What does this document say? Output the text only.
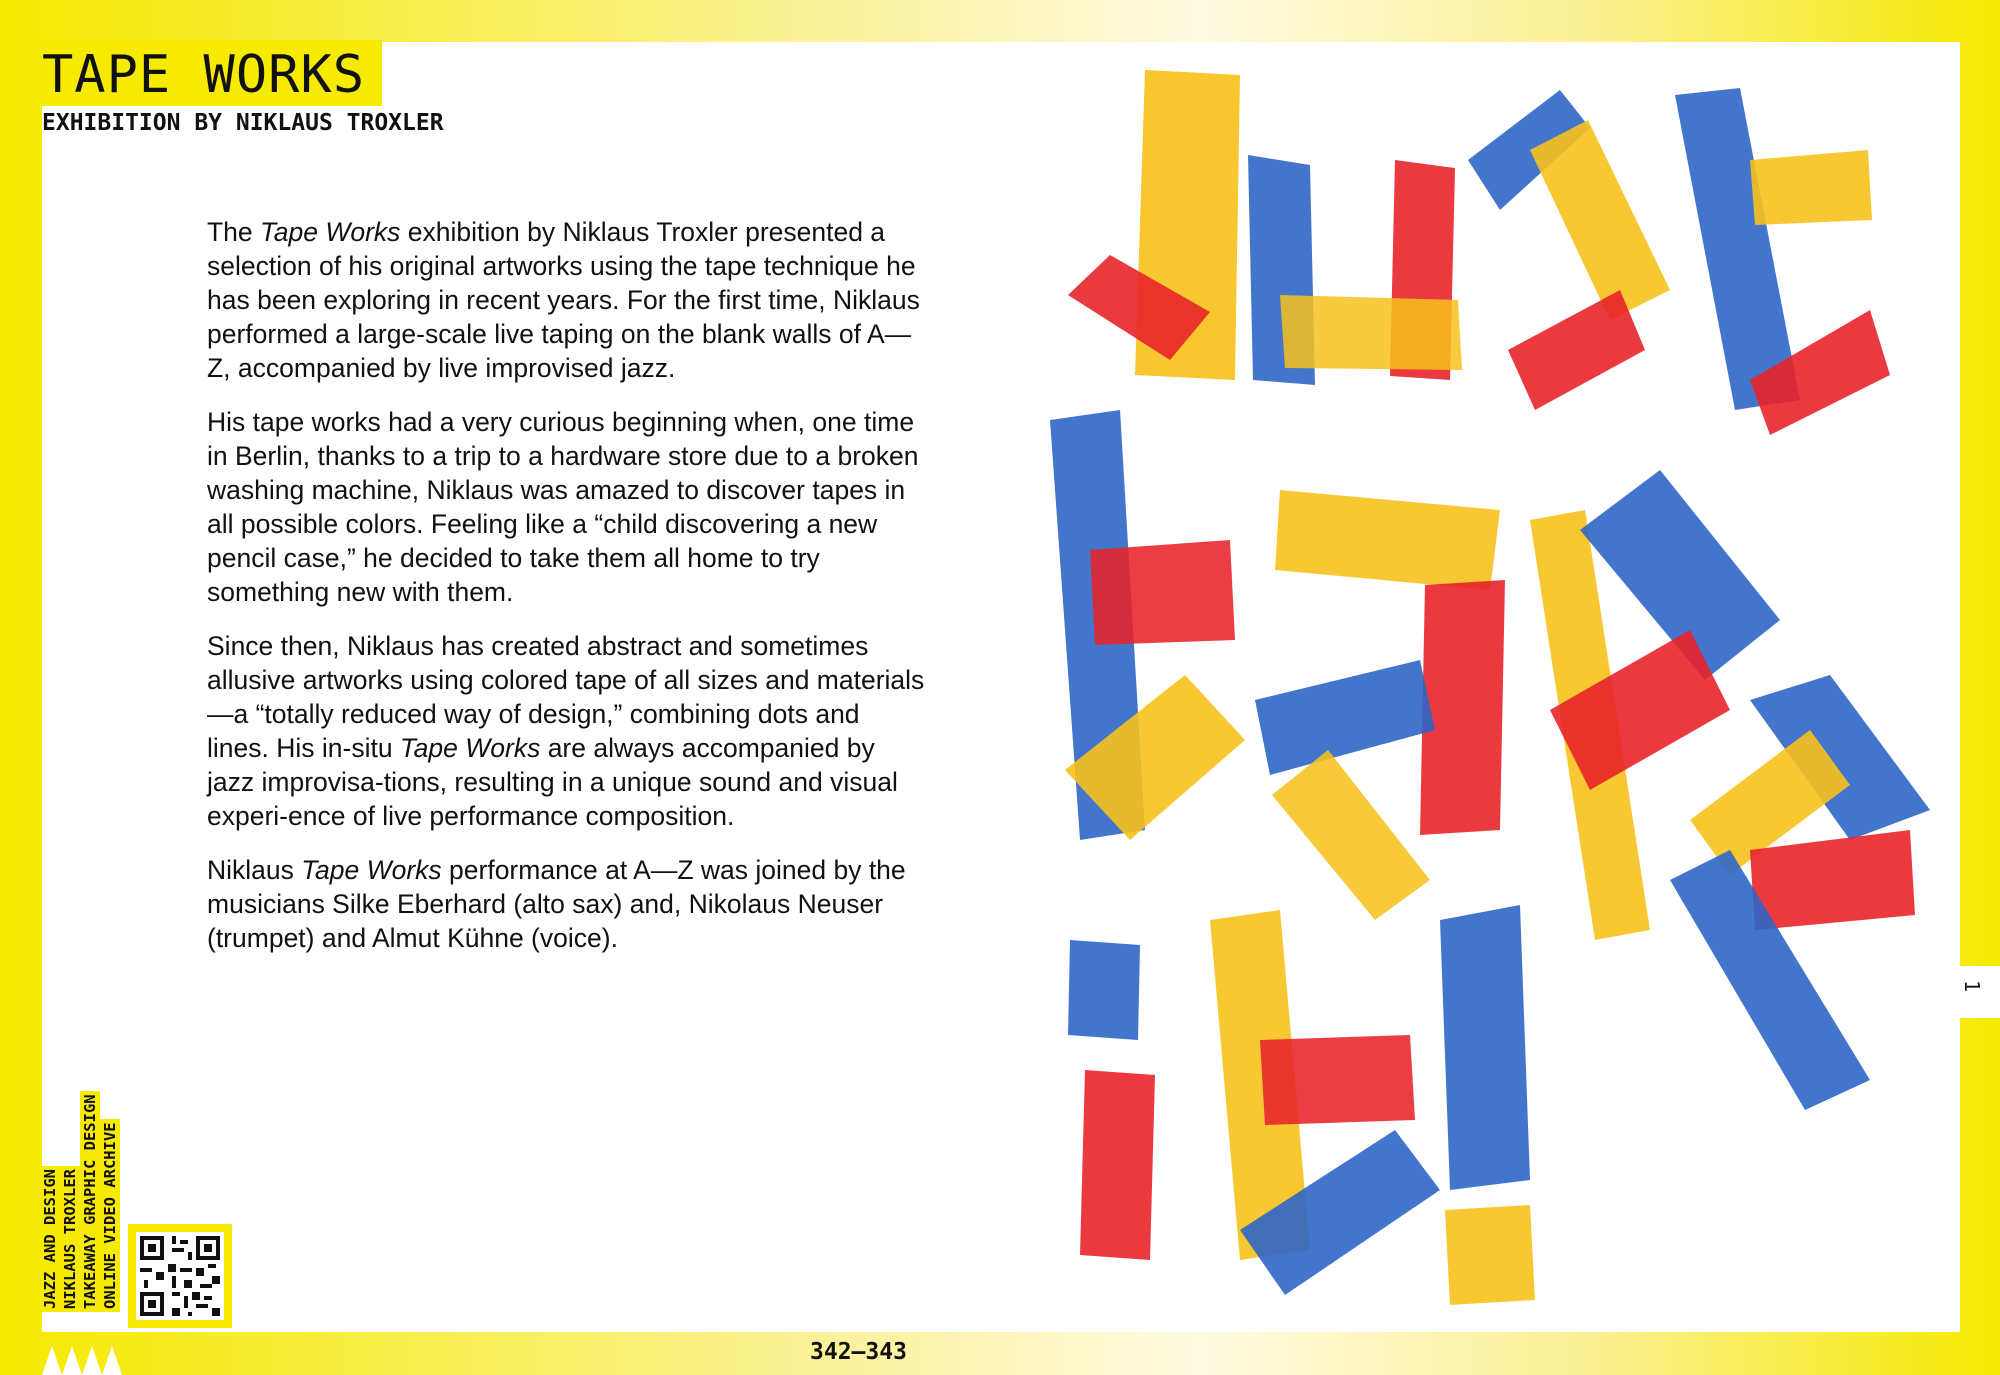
TAPE WORKS

EXHIBITION BY NIKLAUS TROXLER

The Tape Works exhibition by Niklaus Troxler presented a selection of his original artworks using the tape technique he has been exploring in recent years. For the first time, Niklaus performed a large-scale live taping on the blank walls of A—Z, accompanied by live improvised jazz.

His tape works had a very curious beginning when, one time in Berlin, thanks to a trip to a hardware store due to a broken washing machine, Niklaus was amazed to discover tapes in all possible colors. Feeling like a “child discovering a new pencil case,” he decided to take them all home to try something new with them.

Since then, Niklaus has created abstract and sometimes allusive artworks using colored tape of all sizes and materials—a “totally reduced way of design,” combining dots and lines. His in-situ Tape Works are always accompanied by jazz improvisa-tions, resulting in a unique sound and visual experi-ence of live performance composition.

Niklaus Tape Works performance at A—Z was joined by the musicians Silke Eberhard (alto sax) and, Nikolaus Neuser (trumpet) and Almut Kühne (voice).

1
JAZZ AND DESIGN NIKLAUS TROXLER TAKEAWAY GRAPHIC DESIGN ONLINE VIDEO ARCHIVE

342–343
